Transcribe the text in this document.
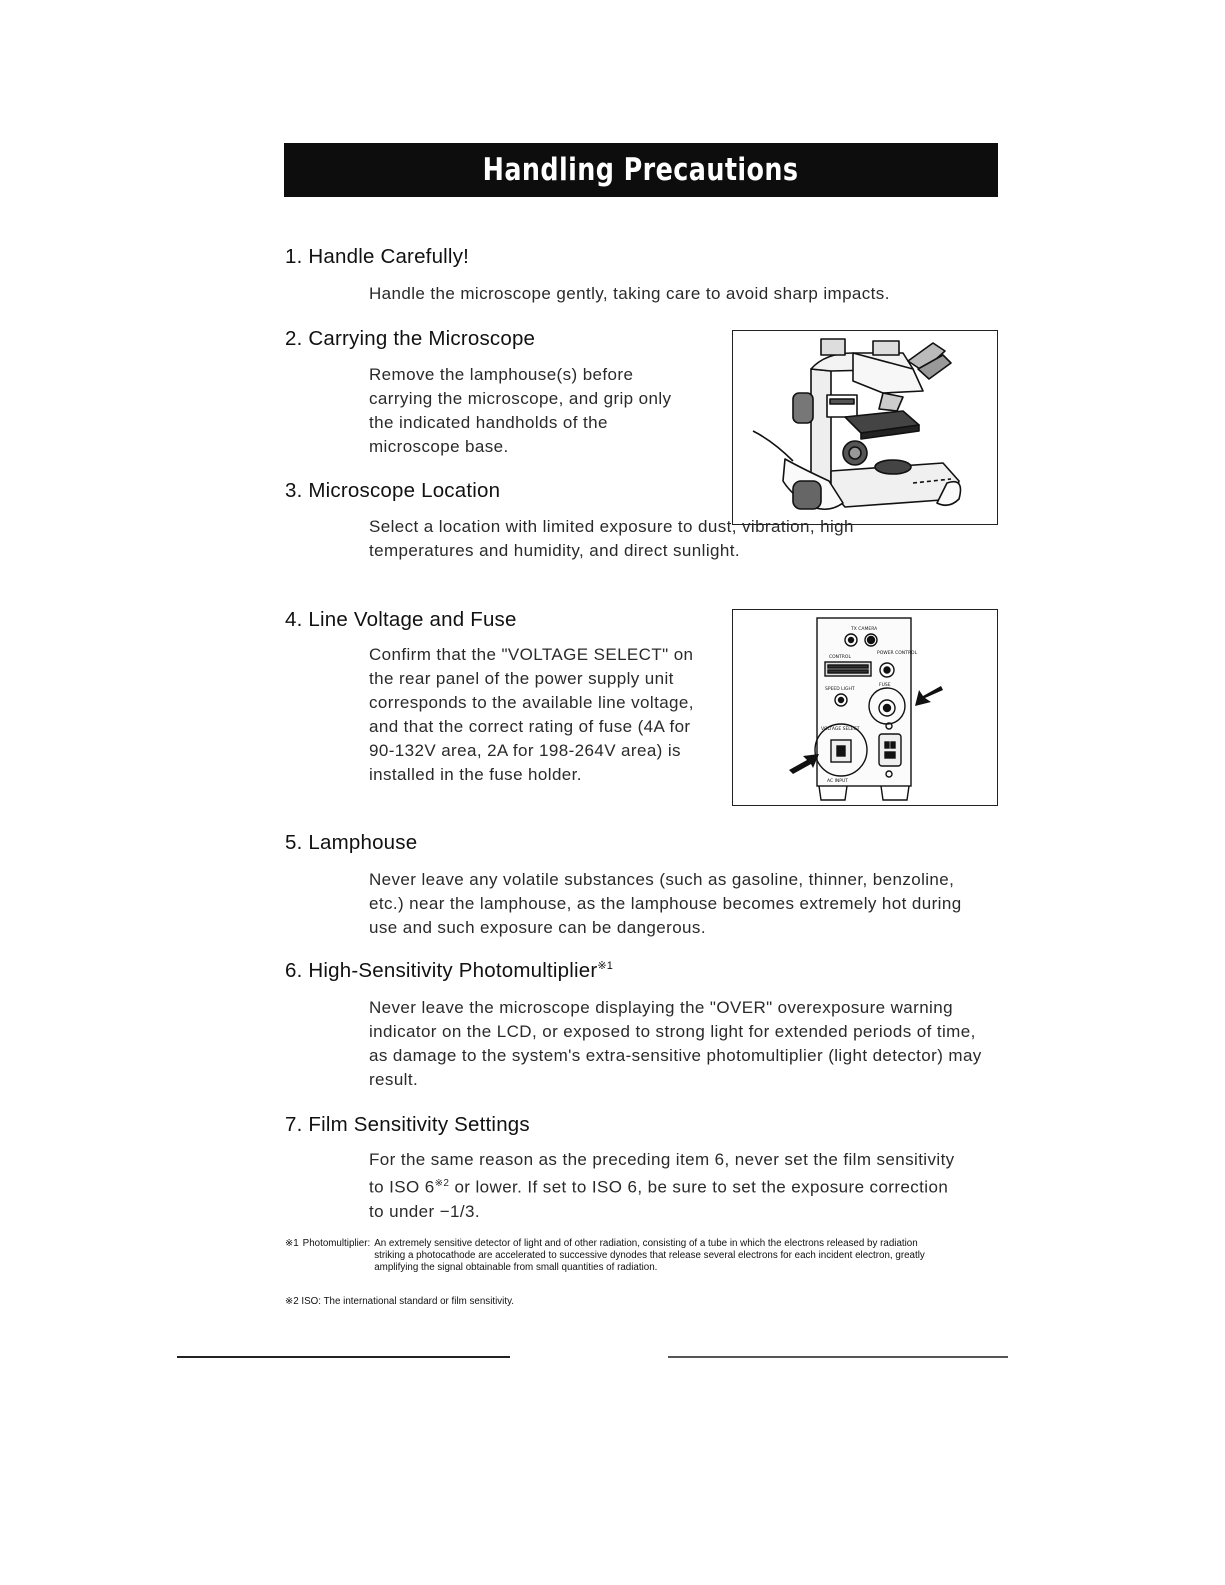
Handling Precautions
1. Handle Carefully!
Handle the microscope gently, taking care to avoid sharp impacts.
2. Carrying the Microscope
Remove the lamphouse(s) before carrying the microscope, and grip only the indicated handholds of the microscope base.
3. Microscope Location
Select a location with limited exposure to dust, vibration, high temperatures and humidity, and direct sunlight.
4. Line Voltage and Fuse
Confirm that the "VOLTAGE SELECT" on the rear panel of the power supply unit corresponds to the available line voltage, and that the correct rating of fuse (4A for 90-132V area, 2A for 198-264V area) is installed in the fuse holder.
TX CAMERA
CONTROL
POWER CONTROL
SPEED LIGHT
FUSE
VOLTAGE SELECT
AC INPUT
5. Lamphouse
Never leave any volatile substances (such as gasoline, thinner, benzoline, etc.) near the lamphouse, as the lamphouse becomes extremely hot during use and such exposure can be dangerous.
6. High-Sensitivity Photomultiplier$^{※1}$
Never leave the microscope displaying the "OVER" overexposure warning indicator on the LCD, or exposed to strong light for extended periods of time, as damage to the system's extra-sensitive photomultiplier (light detector) may result.
7. Film Sensitivity Settings
For the same reason as the preceding item 6, never set the film sensitivity to ISO 6$^{※2}$ or lower. If set to ISO 6, be sure to set the exposure correction to under −1/3.
※1 Photomultiplier: An extremely sensitive detector of light and of other radiation, consisting of a tube in which the electrons released by radiation striking a photocathode are accelerated to successive dynodes that release several electrons for each incident electron, greatly amplifying the signal obtainable from small quantities of radiation.
※2 ISO: The international standard or film sensitivity.
